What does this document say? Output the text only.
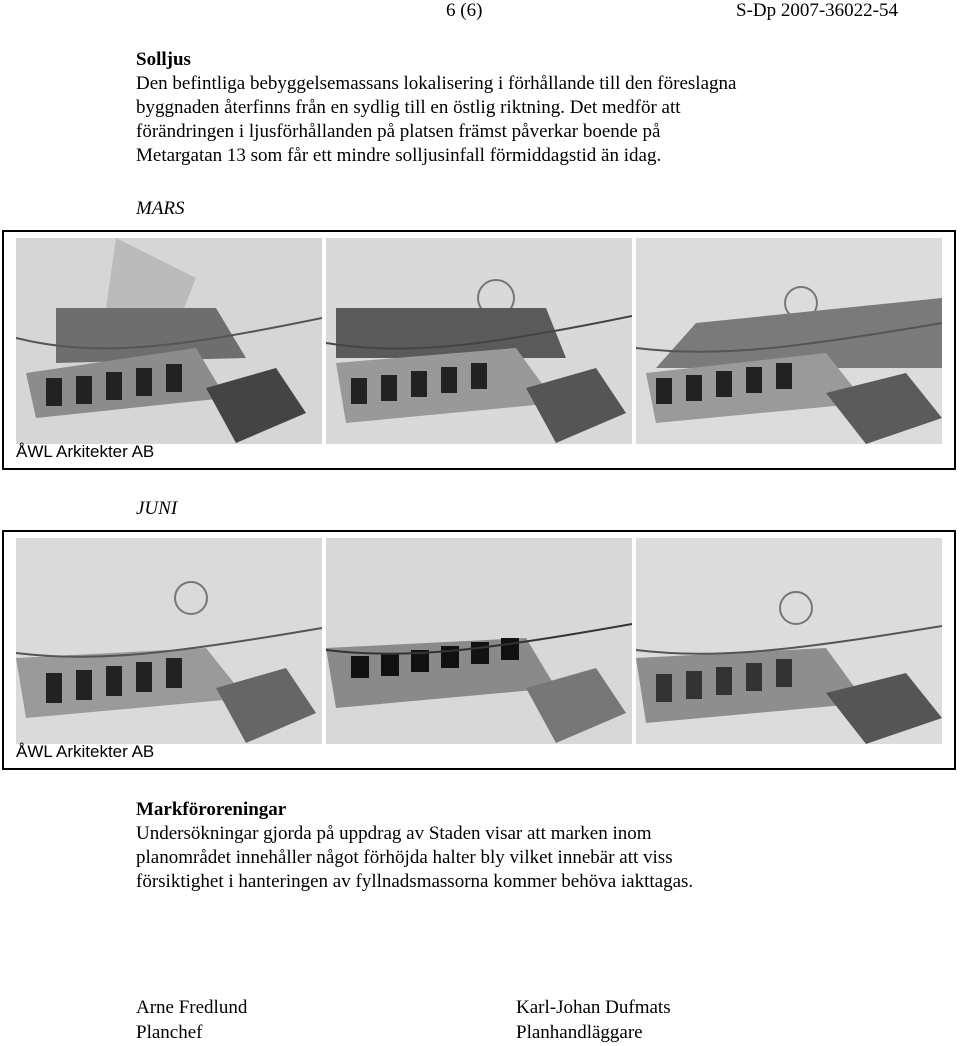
6 (6)	S-Dp 2007-36022-54
Solljus

Den befintliga bebyggelsemassans lokalisering i förhållande till den föreslagna

byggnaden återfinns från en sydlig till en östlig riktning. Det medför att

förändringen i ljusförhållanden på platsen främst påverkar boende på

Metargatan 13 som får ett mindre solljusinfall förmiddagstid än idag.

MARS
ÅWL Arkitekter AB
JUNI
ÅWL Arkitekter AB
Markföroreningar

Undersökningar gjorda på uppdrag av Staden visar att marken inom

planområdet innehåller något förhöjda halter bly vilket innebär att viss

försiktighet i hanteringen av fyllnadsmassorna kommer behöva iakttagas.

Arne Fredlund
Planchef
Karl-Johan Dufmats
Planhandläggare
